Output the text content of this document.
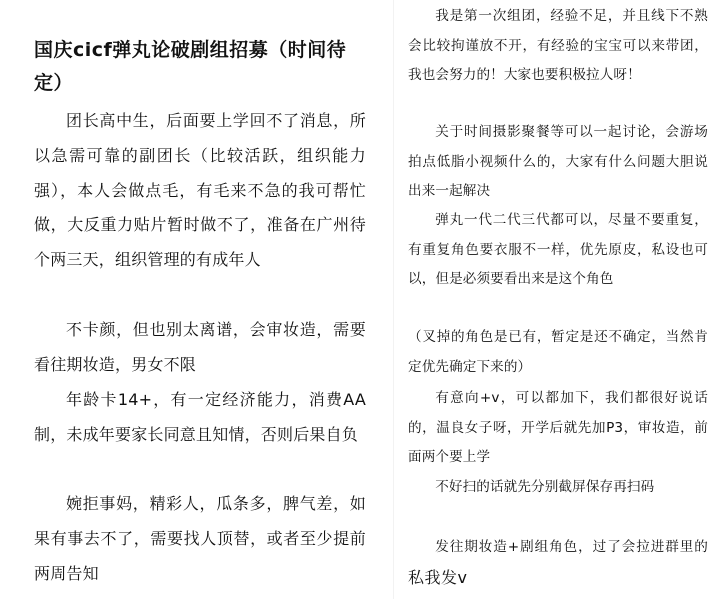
国庆cicf弹丸论破剧组招募（时间待定）
团长高中生，后面要上学回不了消息，所以急需可靠的副团长（比较活跃，组织能力强），本人会做点毛，有毛来不急的我可帮忙做，大反重力贴片暂时做不了，准备在广州待个两三天，组织管理的有成年人
不卡颜，但也别太离谱，会审妆造，需要看往期妆造，男女不限
年龄卡14+，有一定经济能力，消费AA制，未成年要家长同意且知情，否则后果自负
婉拒事妈，精彩人，瓜条多，脾气差，如果有事去不了，需要找人顶替，或者至少提前两周告知
我是第一次组团，经验不足，并且线下不熟会比较拘谨放不开，有经验的宝宝可以来带团，我也会努力的！大家也要积极拉人呀！
关于时间摄影聚餐等可以一起讨论，会游场拍点低脂小视频什么的，大家有什么问题大胆说出来一起解决
弹丸一代二代三代都可以，尽量不要重复，有重复角色要衣服不一样，优先原皮，私设也可以，但是必须要看出来是这个角色
（叉掉的角色是已有，暂定是还不确定，当然肯定优先确定下来的）
有意向+v，可以都加下，我们都很好说话的，温良女子呀，开学后就先加P3，审妆造，前面两个要上学
不好扫的话就先分别截屏保存再扫码
发往期妆造+剧组角色，过了会拉进群里的私我发v
